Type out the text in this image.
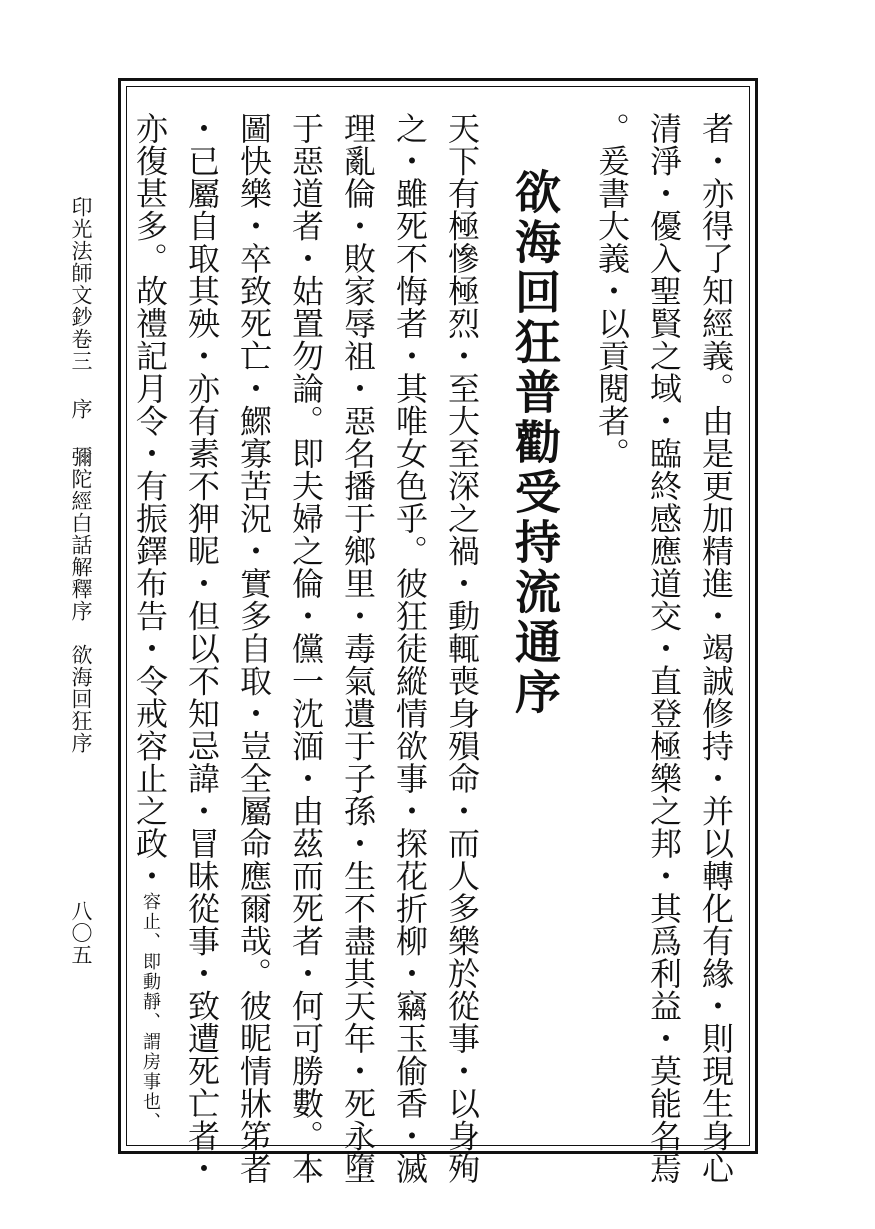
者・亦得了知經義。由是更加精進・竭誠修持・并以轉化有緣・則現生身心
清淨・優入聖賢之域・臨終感應道交・直登極樂之邦・其爲利益・莫能名焉
。爰書大義・以貢閱者。
欲海回狂普勸受持流通序
天下有極慘極烈・至大至深之禍・動輒喪身殞命・而人多樂於從事・以身殉
之・雖死不悔者・其唯女色乎。彼狂徒縱情欲事・探花折柳・竊玉偷香・滅
理亂倫・敗家辱祖・惡名播于鄉里・毒氣遺于子孫・生不盡其天年・死永墮
于惡道者・姑置勿論。即夫婦之倫・儻一沈湎・由茲而死者・何可勝數。本
圖快樂・卒致死亡・鰥寡苦況・實多自取・豈全屬命應爾哉。彼昵情牀笫者
・已屬自取其殃・亦有素不狎昵・但以不知忌諱・冒昧從事・致遭死亡者・
亦復甚多。故禮記月令・有振鐸布告・令戒容止之政・容止、即動靜、謂房事也、
印光法師文鈔卷三序彌陀經白話解釋序　欲海回狂序
八〇五
